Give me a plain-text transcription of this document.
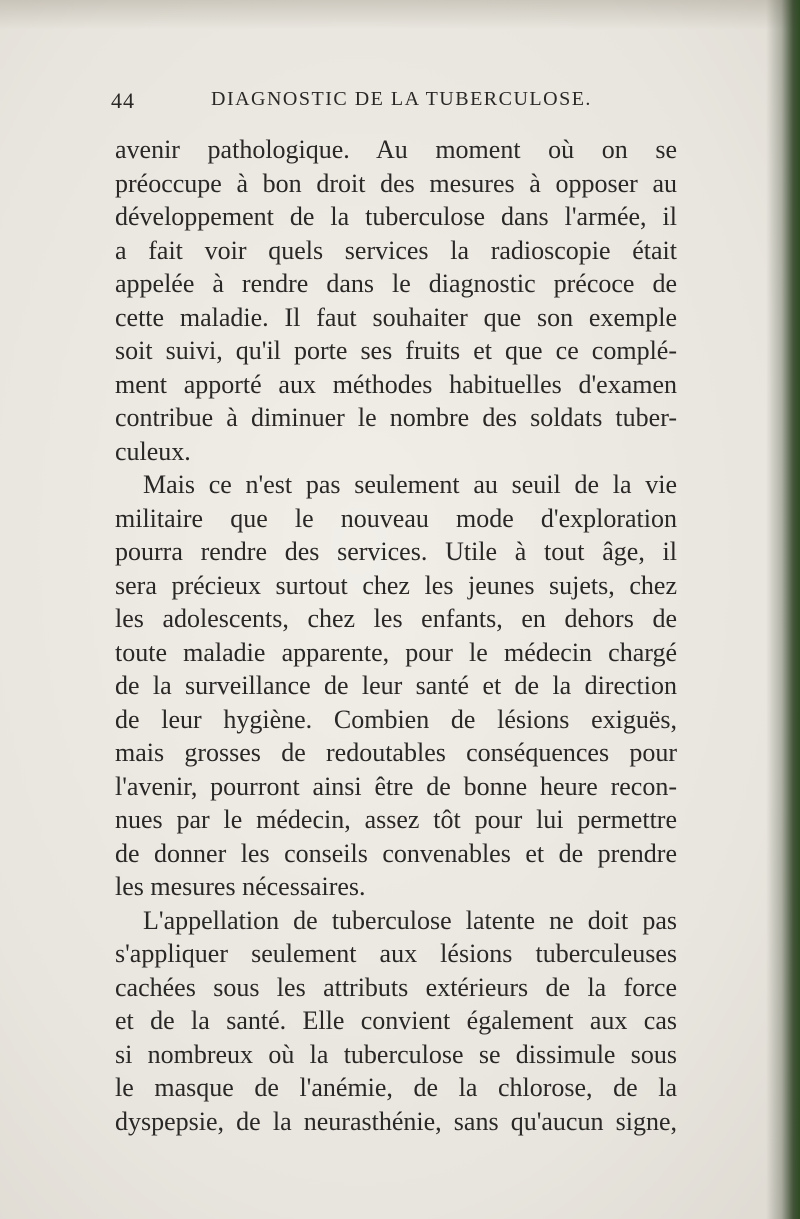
44	DIAGNOSTIC DE LA TUBERCULOSE.
avenir pathologique. Au moment où on se
préoccupe à bon droit des mesures à opposer au
développement de la tuberculose dans l'armée, il
a fait voir quels services la radioscopie était
appelée à rendre dans le diagnostic précoce de
cette maladie. Il faut souhaiter que son exemple
soit suivi, qu'il porte ses fruits et que ce complé-
ment apporté aux méthodes habituelles d'examen
contribue à diminuer le nombre des soldats tuber-
culeux.
Mais ce n'est pas seulement au seuil de la vie
militaire que le nouveau mode d'exploration
pourra rendre des services. Utile à tout âge, il
sera précieux surtout chez les jeunes sujets, chez
les adolescents, chez les enfants, en dehors de
toute maladie apparente, pour le médecin chargé
de la surveillance de leur santé et de la direction
de leur hygiène. Combien de lésions exiguës,
mais grosses de redoutables conséquences pour
l'avenir, pourront ainsi être de bonne heure recon-
nues par le médecin, assez tôt pour lui permettre
de donner les conseils convenables et de prendre
les mesures nécessaires.
L'appellation de tuberculose latente ne doit pas
s'appliquer seulement aux lésions tuberculeuses
cachées sous les attributs extérieurs de la force
et de la santé. Elle convient également aux cas
si nombreux où la tuberculose se dissimule sous
le masque de l'anémie, de la chlorose, de la
dyspepsie, de la neurasthénie, sans qu'aucun signe,
